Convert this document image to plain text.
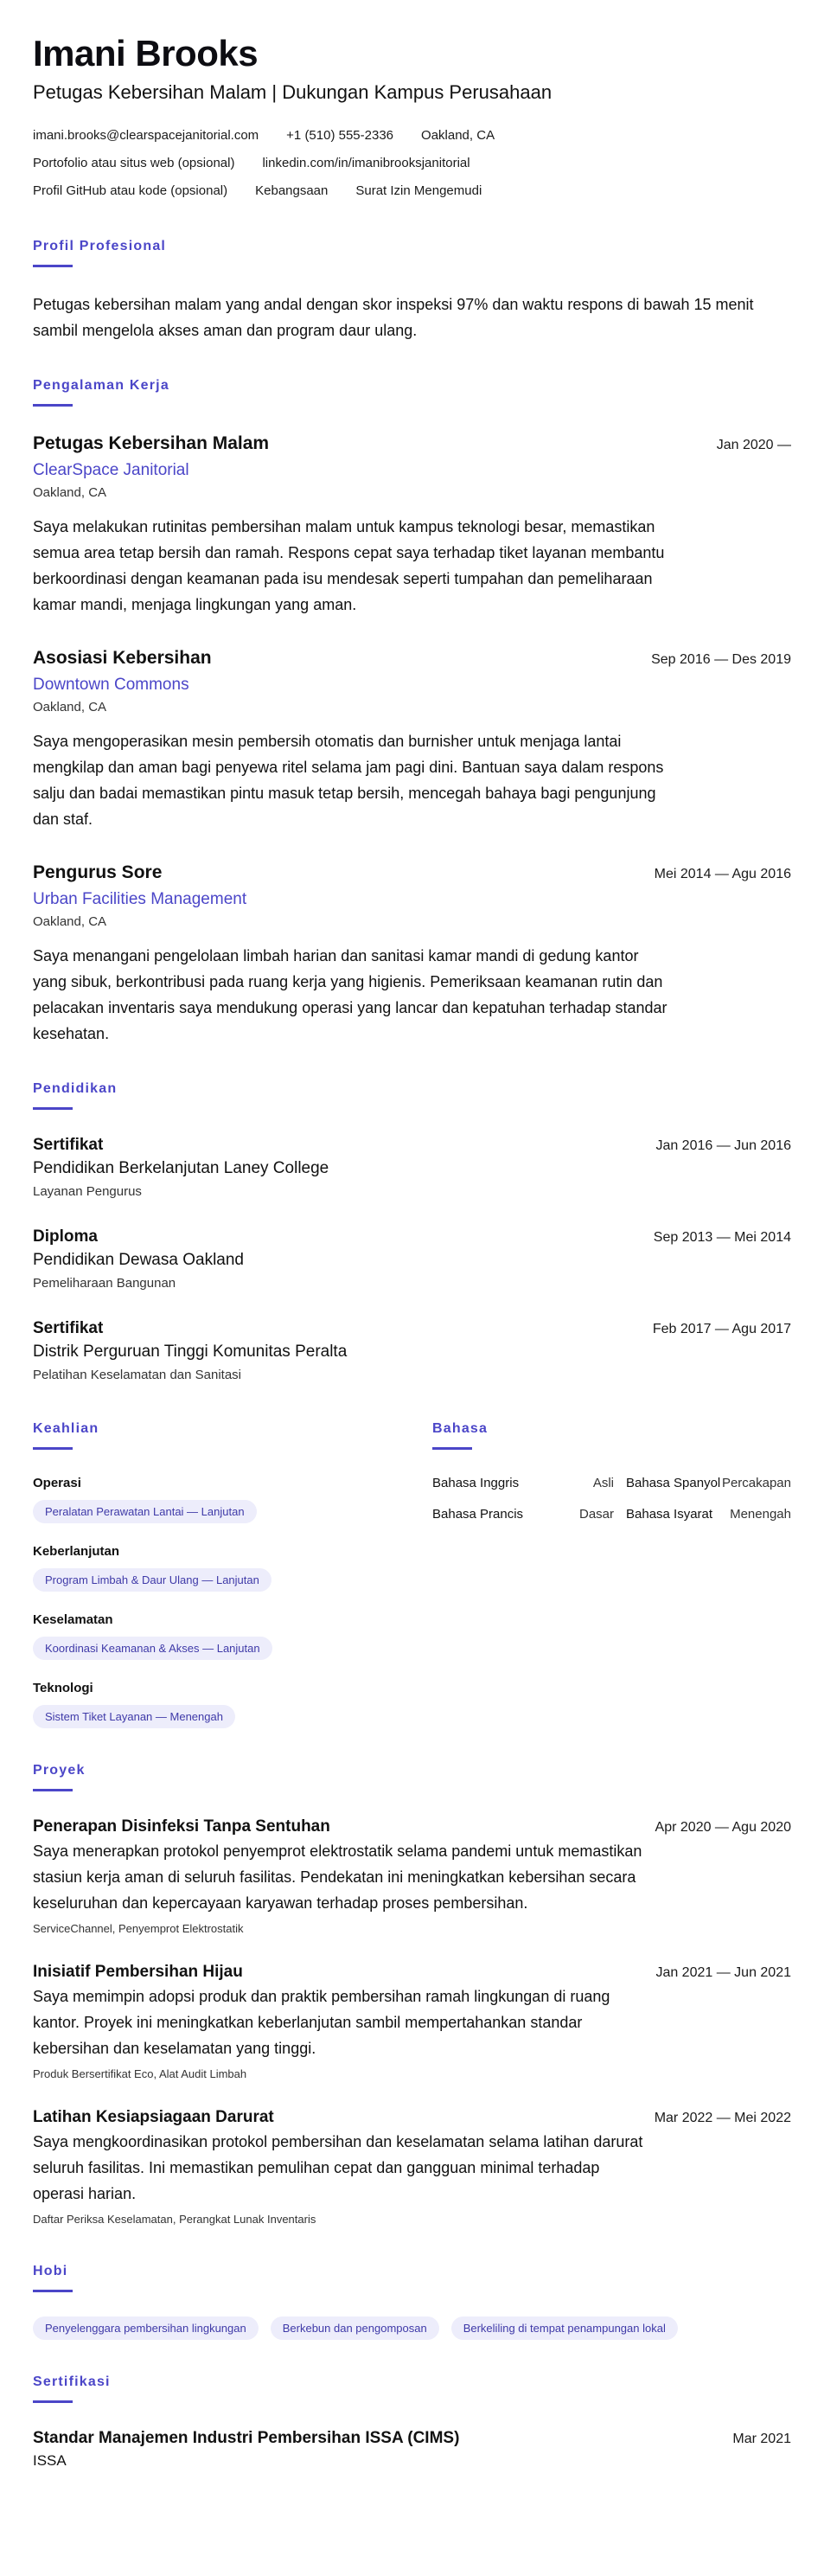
Imani Brooks
Petugas Kebersihan Malam | Dukungan Kampus Perusahaan
imani.brooks@clearspacejanitorial.com +1 (510) 555-2336 Oakland, CA
Portofolio atau situs web (opsional) linkedin.com/in/imanibrooksjanitorial
Profil GitHub atau kode (opsional) Kebangsaan Surat Izin Mengemudi
Profil Profesional

Petugas kebersihan malam yang andal dengan skor inspeksi 97% dan waktu respons di bawah 15 menit sambil mengelola akses aman dan program daur ulang.

Pengalaman Kerja
Petugas Kebersihan Malam	Jan 2020 —
ClearSpace Janitorial
Oakland, CA

Saya melakukan rutinitas pembersihan malam untuk kampus teknologi besar, memastikan semua area tetap bersih dan ramah. Respons cepat saya terhadap tiket layanan membantu berkoordinasi dengan keamanan pada isu mendesak seperti tumpahan dan pemeliharaan kamar mandi, menjaga lingkungan yang aman.

Asosiasi Kebersihan	Sep 2016 — Des 2019
Downtown Commons
Oakland, CA

Saya mengoperasikan mesin pembersih otomatis dan burnisher untuk menjaga lantai mengkilap dan aman bagi penyewa ritel selama jam pagi dini. Bantuan saya dalam respons salju dan badai memastikan pintu masuk tetap bersih, mencegah bahaya bagi pengunjung dan staf.

Pengurus Sore	Mei 2014 — Agu 2016
Urban Facilities Management
Oakland, CA

Saya menangani pengelolaan limbah harian dan sanitasi kamar mandi di gedung kantor yang sibuk, berkontribusi pada ruang kerja yang higienis. Pemeriksaan keamanan rutin dan pelacakan inventaris saya mendukung operasi yang lancar dan kepatuhan terhadap standar kesehatan.

Pendidikan
Sertifikat	Jan 2016 — Jun 2016
Pendidikan Berkelanjutan Laney College
Layanan Pengurus
Diploma	Sep 2013 — Mei 2014
Pendidikan Dewasa Oakland
Pemeliharaan Bangunan
Sertifikat	Feb 2017 — Agu 2017
Distrik Perguruan Tinggi Komunitas Peralta
Pelatihan Keselamatan dan Sanitasi
Keahlian
Operasi
Peralatan Perawatan Lantai — Lanjutan
Keberlanjutan
Program Limbah & Daur Ulang — Lanjutan
Keselamatan
Koordinasi Keamanan & Akses — Lanjutan
Teknologi
Sistem Tiket Layanan — Menengah
Bahasa
Bahasa Inggris	Asli Bahasa Spanyol Percakapan
Bahasa Prancis	Dasar Bahasa Isyarat	Menengah
Proyek
Penerapan Disinfeksi Tanpa Sentuhan	Apr 2020 — Agu 2020

Saya menerapkan protokol penyemprot elektrostatik selama pandemi untuk memastikan stasiun kerja aman di seluruh fasilitas. Pendekatan ini meningkatkan kebersihan secara keseluruhan dan kepercayaan karyawan terhadap proses pembersihan.

ServiceChannel, Penyemprot Elektrostatik
Inisiatif Pembersihan Hijau	Jan 2021 — Jun 2021

Saya memimpin adopsi produk dan praktik pembersihan ramah lingkungan di ruang kantor. Proyek ini meningkatkan keberlanjutan sambil mempertahankan standar kebersihan dan keselamatan yang tinggi.

Produk Bersertifikat Eco, Alat Audit Limbah
Latihan Kesiapsiagaan Darurat	Mar 2022 — Mei 2022

Saya mengkoordinasikan protokol pembersihan dan keselamatan selama latihan darurat seluruh fasilitas. Ini memastikan pemulihan cepat dan gangguan minimal terhadap operasi harian.

Daftar Periksa Keselamatan, Perangkat Lunak Inventaris
Hobi
Penyelenggara pembersihan lingkungan	Berkebun dan pengomposan	Berkeliling di tempat penampungan lokal
Sertifikasi
Standar Manajemen Industri Pembersihan ISSA (CIMS)	Mar 2021
ISSA
